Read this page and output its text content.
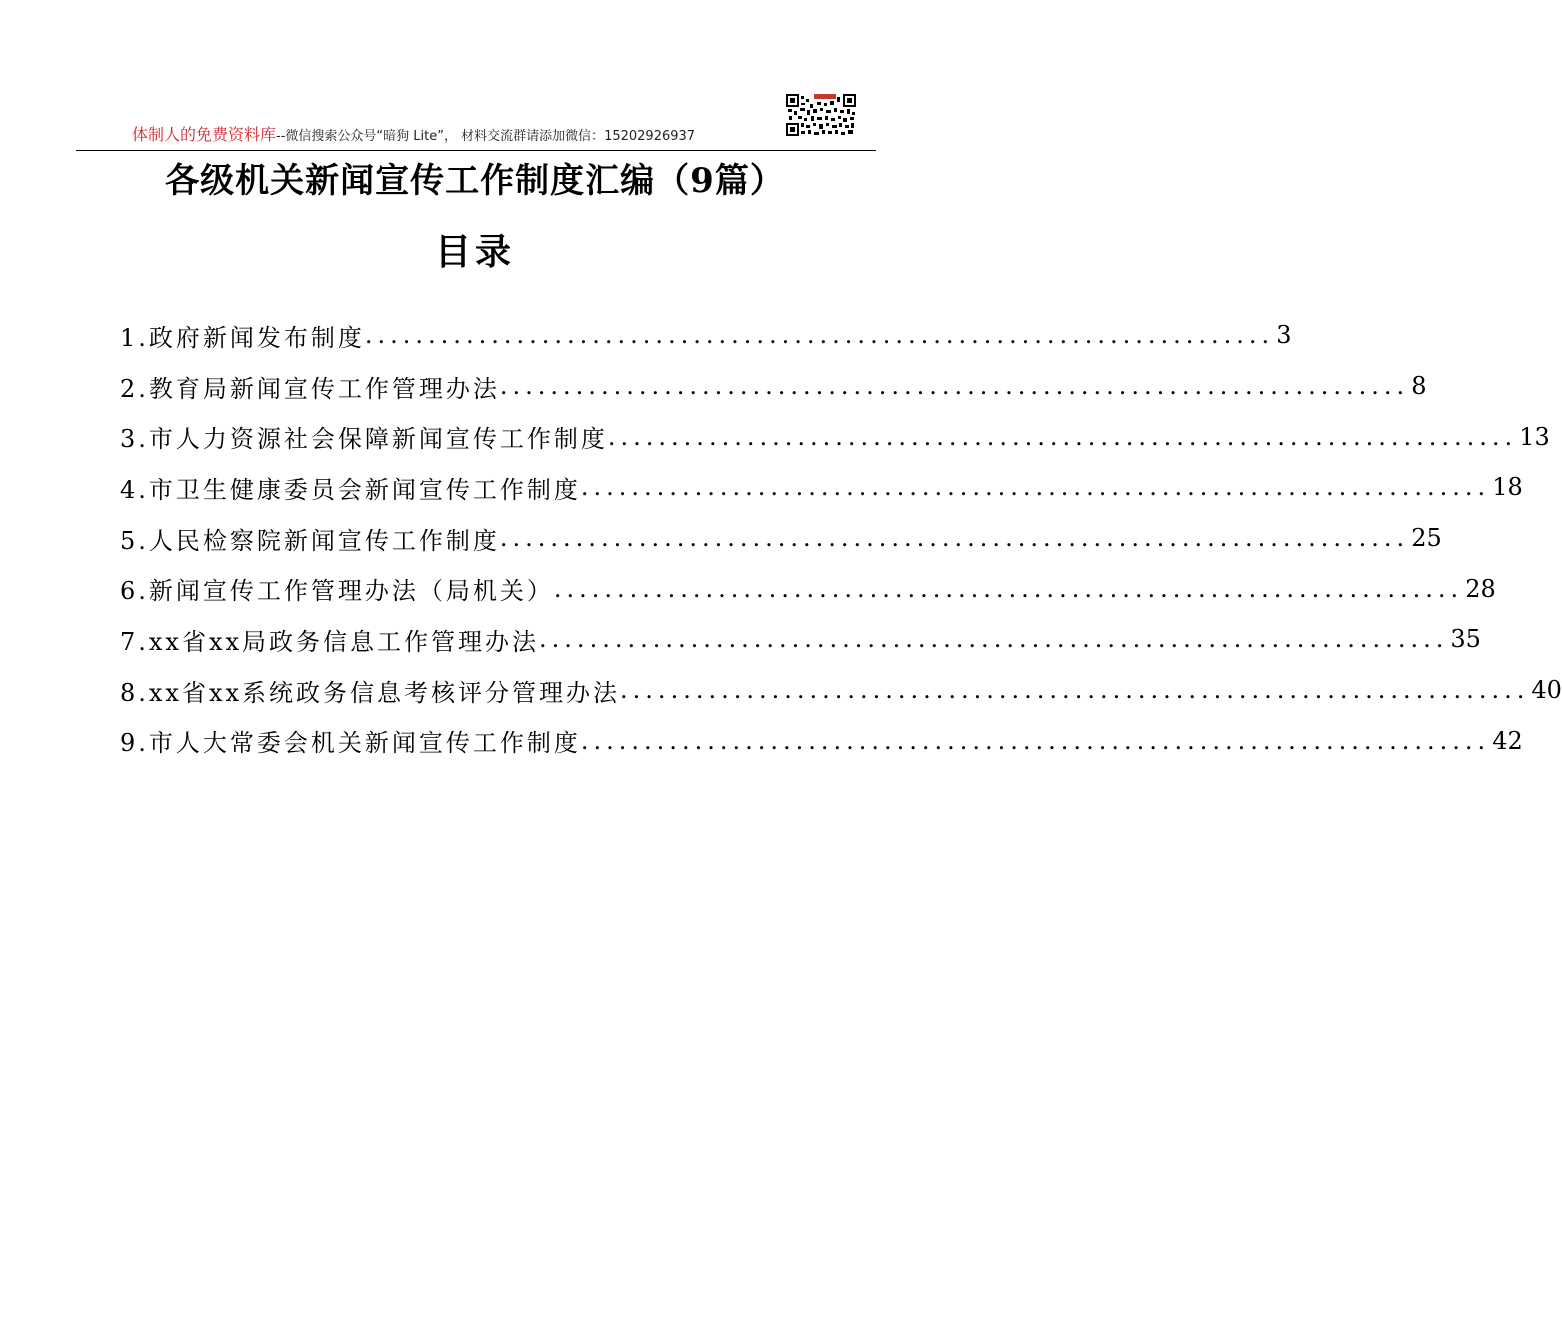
体制人的免费资料库--微信搜索公众号“暗狗 Lite”， 材料交流群请添加微信：15202926937
各级机关新闻宣传工作制度汇编（9篇）
目录
1.政府新闻发布制度 ........................................................................ 3
2.教育局新闻宣传工作管理办法 ........................................................................ 8
3.市人力资源社会保障新闻宣传工作制度 ........................................................................ 13
4.市卫生健康委员会新闻宣传工作制度 ........................................................................ 18
5.人民检察院新闻宣传工作制度 ........................................................................ 25
6.新闻宣传工作管理办法（局机关） ........................................................................ 28
7.xx省xx局政务信息工作管理办法 ........................................................................ 35
8.xx省xx系统政务信息考核评分管理办法 ........................................................................ 40
9.市人大常委会机关新闻宣传工作制度 ........................................................................ 42
